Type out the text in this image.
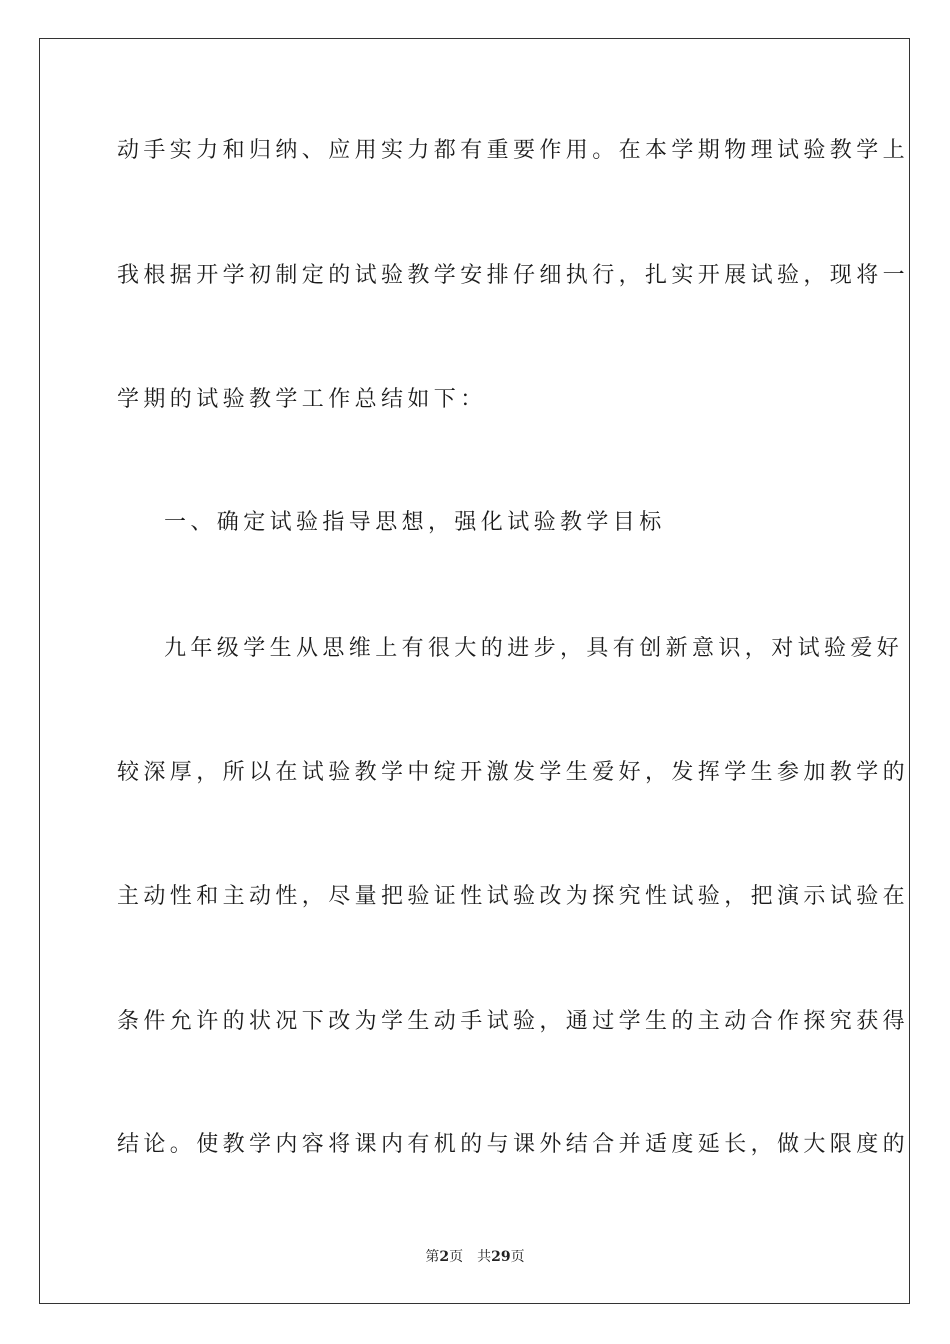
动手实力和归纳、应用实力都有重要作用。在本学期物理试验教学上
我根据开学初制定的试验教学安排仔细执行，扎实开展试验，现将一
学期的试验教学工作总结如下：
一、确定试验指导思想，强化试验教学目标
九年级学生从思维上有很大的进步，具有创新意识，对试验爱好
较深厚，所以在试验教学中绽开激发学生爱好，发挥学生参加教学的
主动性和主动性，尽量把验证性试验改为探究性试验，把演示试验在
条件允许的状况下改为学生动手试验，通过学生的主动合作探究获得
结论。使教学内容将课内有机的与课外结合并适度延长，做大限度的
第2页 共29页
